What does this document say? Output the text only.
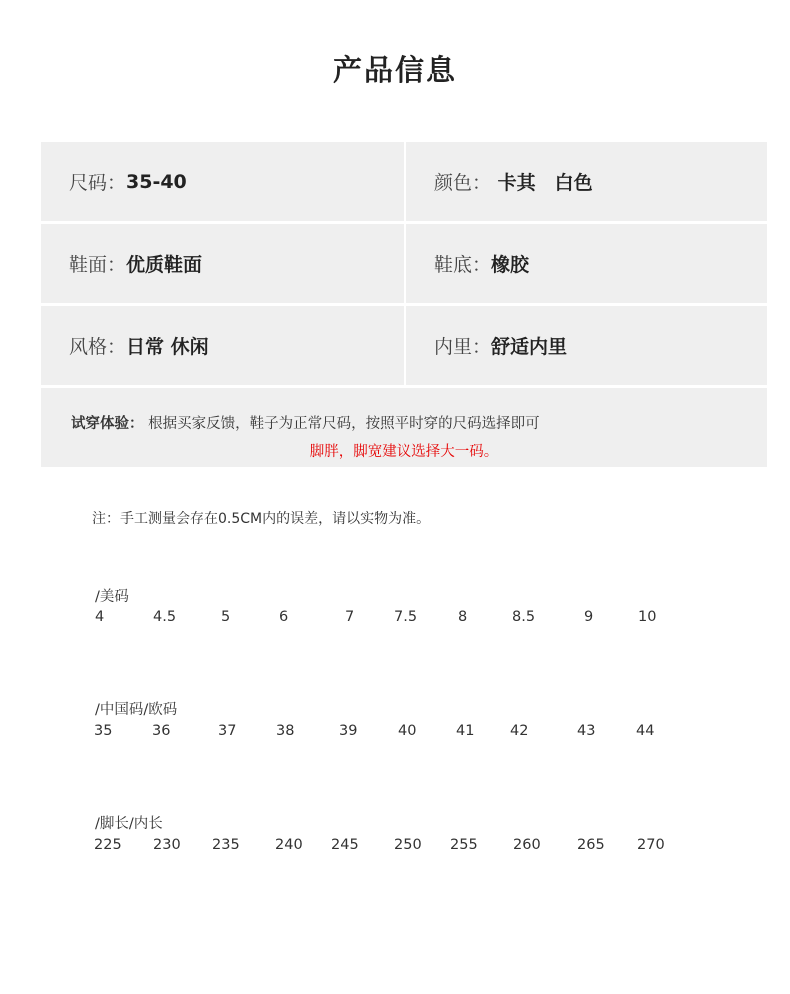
产品信息
尺码： 35-40	颜色： 卡其　白色
鞋面： 优质鞋面	鞋底： 橡胶
风格： 日常 休闲	内里： 舒适内里
试穿体验： 根据买家反馈，鞋子为正常尺码，按照平时穿的尺码选择即可
脚胖，脚宽建议选择大一码。
注：手工测量会存在0.5CM内的误差，请以实物为准。
/美码
4	4.5	5	6	7	7.5	8	8.5	9	10
/中国码/欧码
35	36	37	38	39	40	41 42	43	44
/脚长/内长
225 230 235 240 245 250 255 260	265 270
